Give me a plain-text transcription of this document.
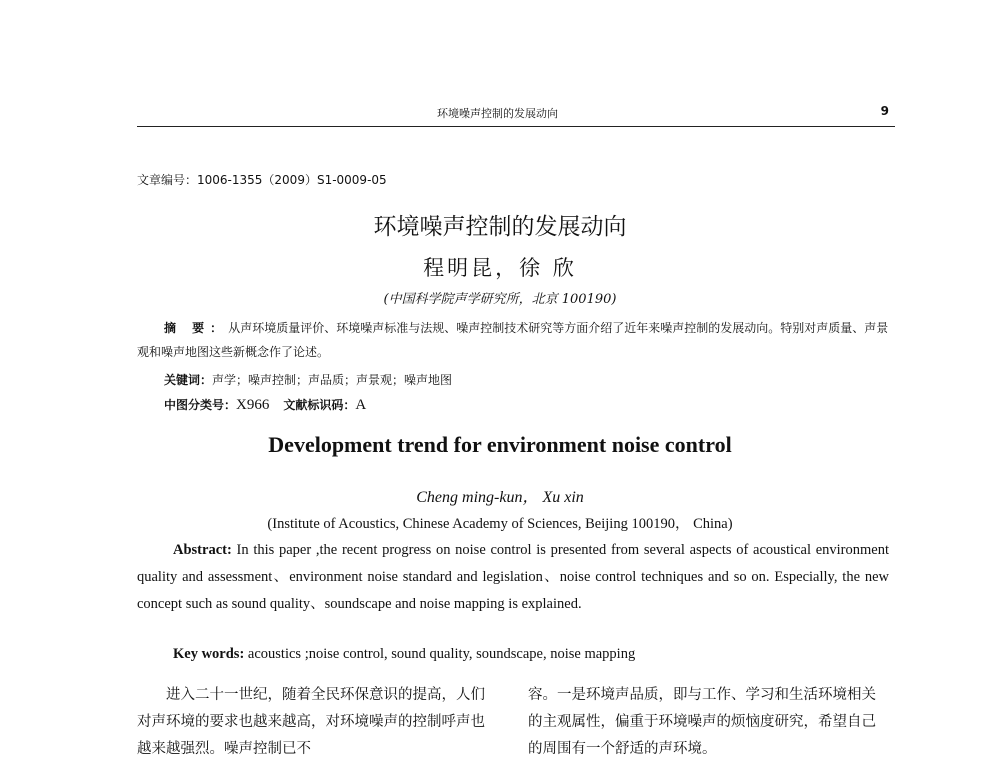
环境噪声控制的发展动向	9
文章编号：1006-1355（2009）S1-0009-05
环境噪声控制的发展动向
程明昆，徐 欣
(中国科学院声学研究所，北京 100190)
摘 要：从声环境质量评价、环境噪声标准与法规、噪声控制技术研究等方面介绍了近年来噪声控制的发展动向。特别对声质量、声景观和噪声地图这些新概念作了论述。
关键词：声学；噪声控制；声品质；声景观；噪声地图
中图分类号：X966 文献标识码：A
Development trend for environment noise control
Cheng ming-kun， Xu xin
(Institute of Acoustics, Chinese Academy of Sciences, Beijing 100190， China)
Abstract: In this paper ,the recent progress on noise control is presented from several aspects of acoustical environment quality and assessment、environment noise standard and legislation、noise control techniques and so on. Especially, the new concept such as sound quality、soundscape and noise mapping is explained.
Key words: acoustics ;noise control, sound quality, soundscape, noise mapping
进入二十一世纪，随着全民环保意识的提高，人们对声环境的要求也越来越高，对环境噪声的控制呼声也越来越强烈。噪声控制已不
容。一是环境声品质，即与工作、学习和生活环境相关的主观属性，偏重于环境噪声的烦恼度研究，希望自己的周围有一个舒适的声环境。
